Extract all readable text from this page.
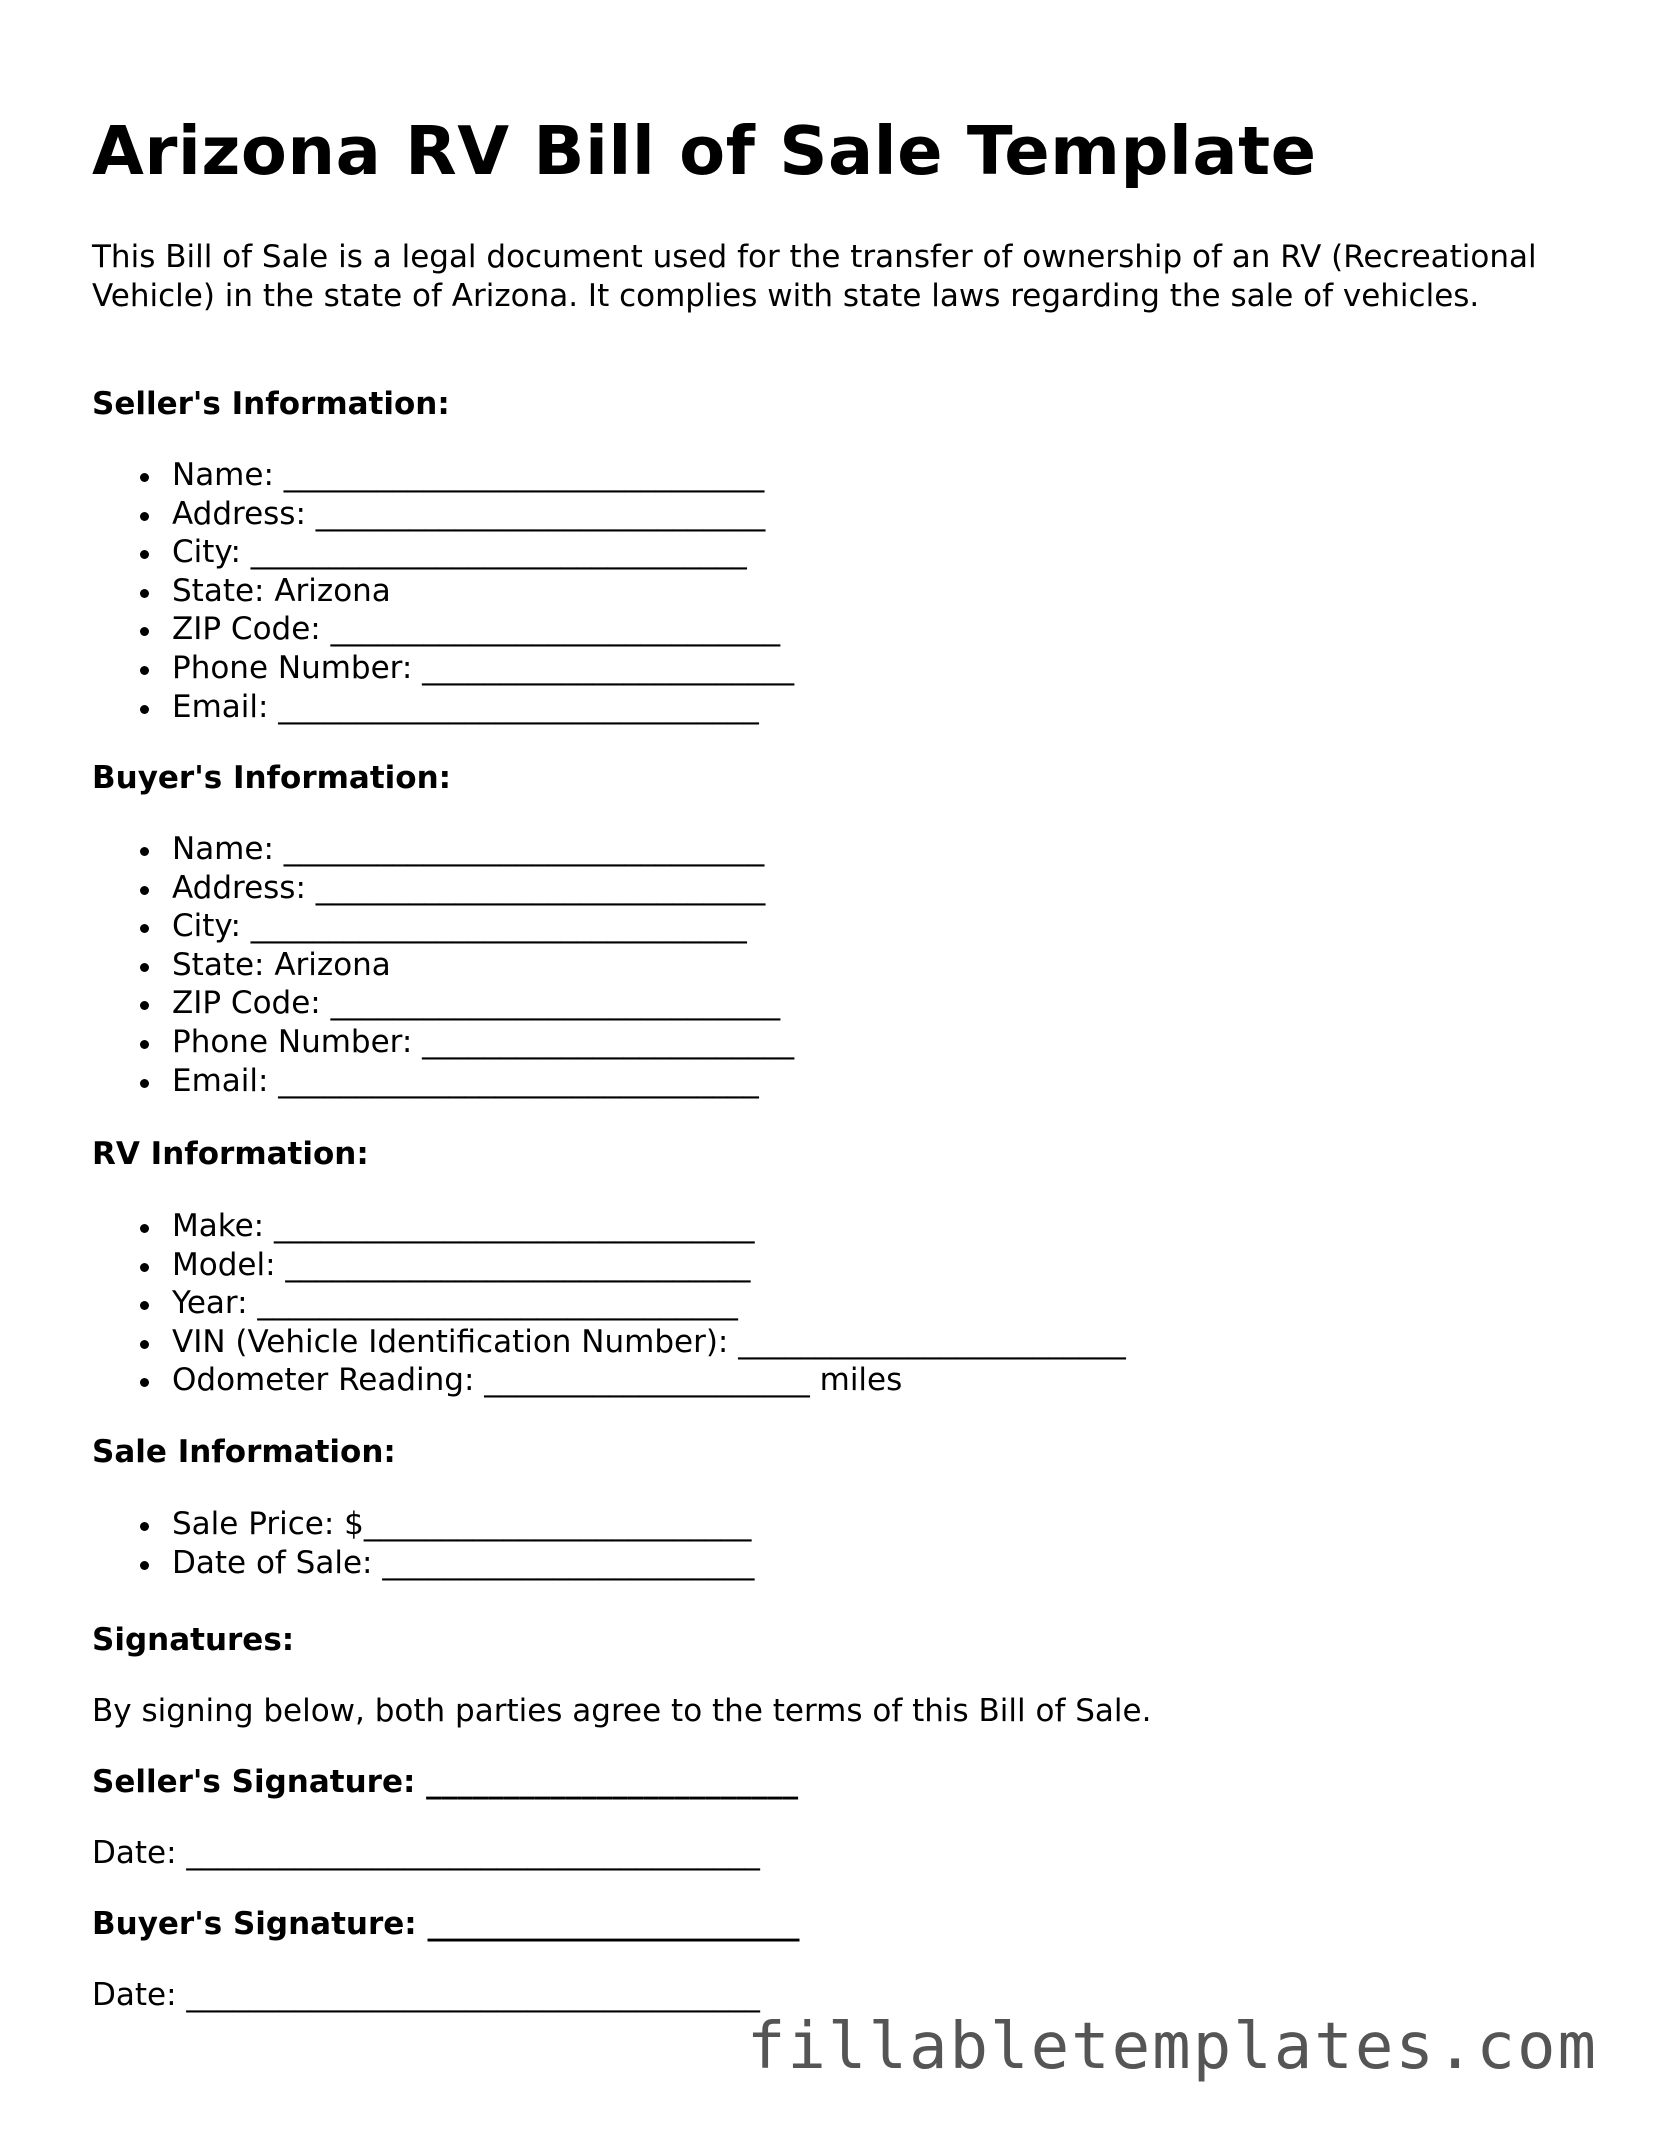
Arizona RV Bill of Sale Template

This Bill of Sale is a legal document used for the transfer of ownership of an RV (Recreational Vehicle) in the state of Arizona. It complies with state laws regarding the sale of vehicles.

Seller's Information:

Name: _______________________________
Address: _____________________________
City: ________________________________
State: Arizona
ZIP Code: _____________________________
Phone Number: ________________________
Email: _______________________________

Buyer's Information:

Name: _______________________________
Address: _____________________________
City: ________________________________
State: Arizona
ZIP Code: _____________________________
Phone Number: ________________________
Email: _______________________________

RV Information:

Make: _______________________________
Model: ______________________________
Year: _______________________________
VIN (Vehicle Identification Number): _________________________
Odometer Reading: _____________________ miles

Sale Information:

Sale Price: $_________________________
Date of Sale: ________________________

Signatures:

By signing below, both parties agree to the terms of this Bill of Sale.

Seller's Signature: ________________________

Date: _____________________________________

Buyer's Signature: ________________________

Date: _____________________________________

fillabletemplates.com
